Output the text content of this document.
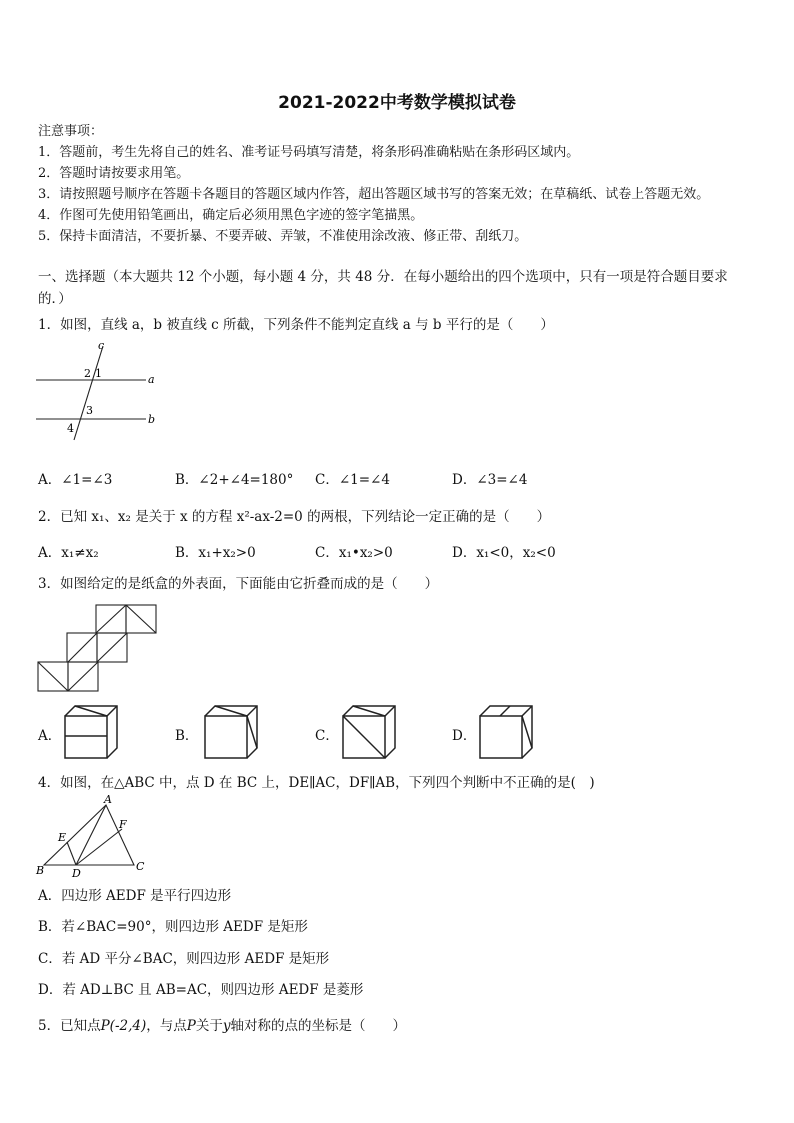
2021-2022中考数学模拟试卷
注意事项：
1．答题前，考生先将自己的姓名、准考证号码填写清楚，将条形码准确粘贴在条形码区域内。
2．答题时请按要求用笔。
3．请按照题号顺序在答题卡各题目的答题区域内作答，超出答题区域书写的答案无效；在草稿纸、试卷上答题无效。
4．作图可先使用铅笔画出，确定后必须用黑色字迹的签字笔描黑。
5．保持卡面清洁，不要折暴、不要弄破、弄皱，不准使用涂改液、修正带、刮纸刀。
一、选择题（本大题共 12 个小题，每小题 4 分，共 48 分．在每小题给出的四个选项中，只有一项是符合题目要求
的．）
1．如图，直线 a，b 被直线 c 所截，下列条件不能判定直线 a 与 b 平行的是（　　）
c
a
b
2 1
3
4
A．∠1=∠3	B．∠2+∠4=180° C．∠1=∠4	D．∠3=∠4
2．已知 x₁、x₂ 是关于 x 的方程 x²-ax-2=0 的两根，下列结论一定正确的是（　　）
A．x₁≠x₂	B．x₁+x₂>0	C．x₁•x₂>0	D．x₁<0，x₂<0
3．如图给定的是纸盒的外表面，下面能由它折叠而成的是（　　）
A．	B．	C．	D．
4．如图，在△ABC 中，点 D 在 BC 上，DE∥AC，DF∥AB，下列四个判断中不正确的是(　)
A
B	C
D
E
F
A．四边形 AEDF 是平行四边形
B．若∠BAC=90°，则四边形 AEDF 是矩形
C．若 AD 平分∠BAC，则四边形 AEDF 是矩形
D．若 AD⊥BC 且 AB=AC，则四边形 AEDF 是菱形
5．已知点P(-2,4)，与点P关于y轴对称的点的坐标是（　　）
